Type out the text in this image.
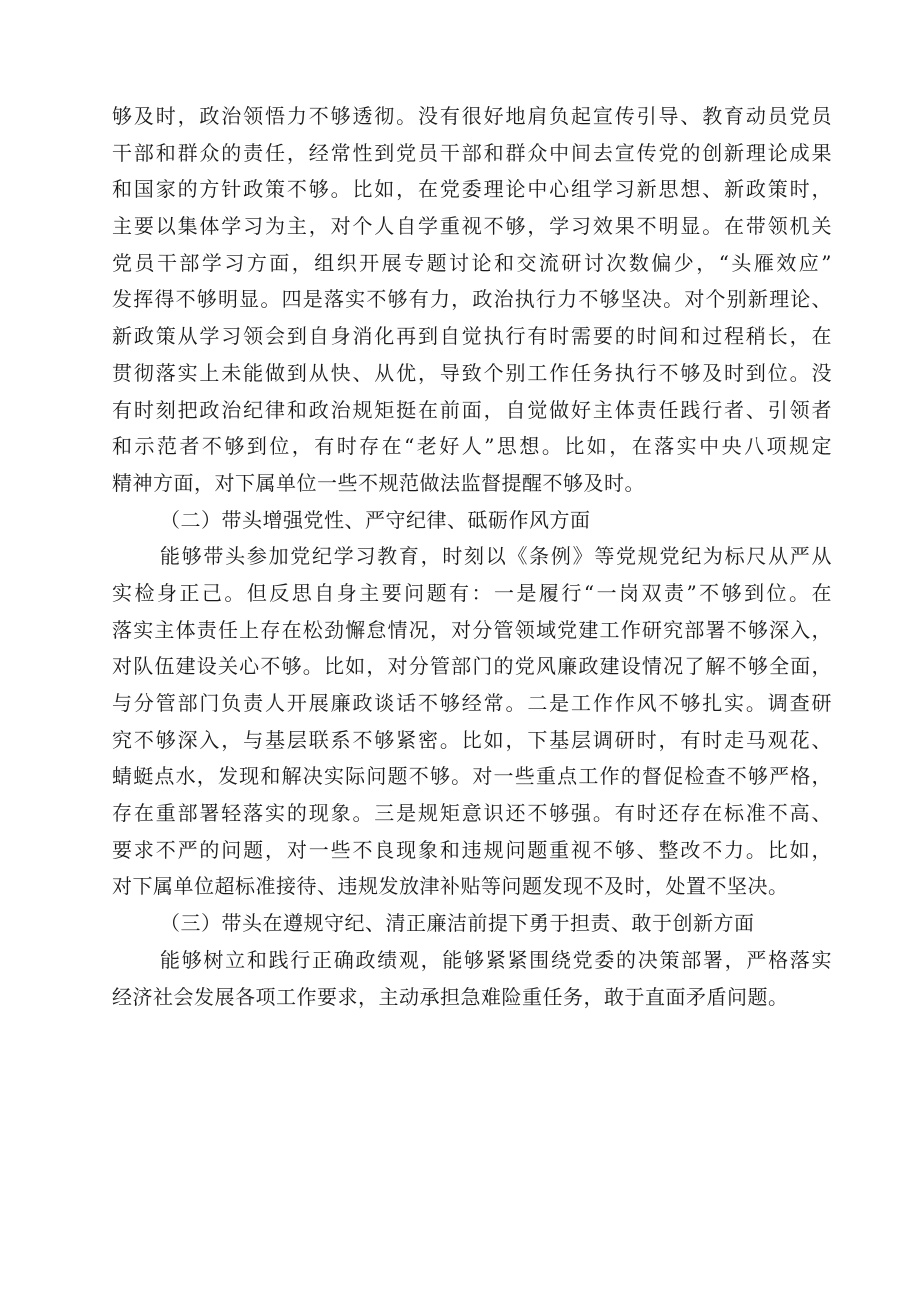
够及时，政治领悟力不够透彻。没有很好地肩负起宣传引导、教育动员党员
干部和群众的责任，经常性到党员干部和群众中间去宣传党的创新理论成果
和国家的方针政策不够。比如，在党委理论中心组学习新思想、新政策时，
主要以集体学习为主，对个人自学重视不够，学习效果不明显。在带领机关
党员干部学习方面，组织开展专题讨论和交流研讨次数偏少，“头雁效应”
发挥得不够明显。四是落实不够有力，政治执行力不够坚决。对个别新理论、
新政策从学习领会到自身消化再到自觉执行有时需要的时间和过程稍长，在
贯彻落实上未能做到从快、从优，导致个别工作任务执行不够及时到位。没
有时刻把政治纪律和政治规矩挺在前面，自觉做好主体责任践行者、引领者
和示范者不够到位，有时存在“老好人”思想。比如，在落实中央八项规定
精神方面，对下属单位一些不规范做法监督提醒不够及时。
（二）带头增强党性、严守纪律、砥砺作风方面
能够带头参加党纪学习教育，时刻以《条例》等党规党纪为标尺从严从
实检身正己。但反思自身主要问题有：一是履行“一岗双责”不够到位。在
落实主体责任上存在松劲懈怠情况，对分管领域党建工作研究部署不够深入，
对队伍建设关心不够。比如，对分管部门的党风廉政建设情况了解不够全面，
与分管部门负责人开展廉政谈话不够经常。二是工作作风不够扎实。调查研
究不够深入，与基层联系不够紧密。比如，下基层调研时，有时走马观花、
蜻蜓点水，发现和解决实际问题不够。对一些重点工作的督促检查不够严格，
存在重部署轻落实的现象。三是规矩意识还不够强。有时还存在标准不高、
要求不严的问题，对一些不良现象和违规问题重视不够、整改不力。比如，
对下属单位超标准接待、违规发放津补贴等问题发现不及时，处置不坚决。
（三）带头在遵规守纪、清正廉洁前提下勇于担责、敢于创新方面
能够树立和践行正确政绩观，能够紧紧围绕党委的决策部署，严格落实
经济社会发展各项工作要求，主动承担急难险重任务，敢于直面矛盾问题。
